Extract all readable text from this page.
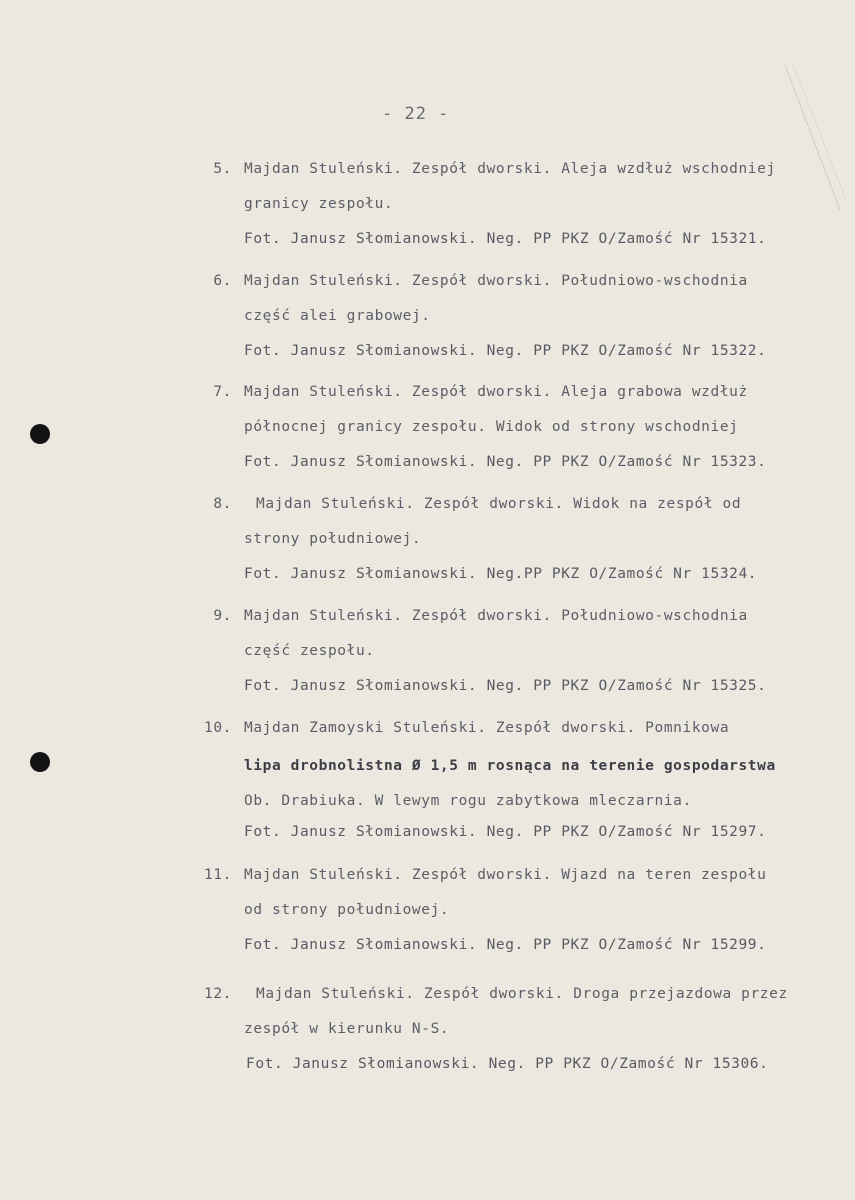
- 22 -
5. Majdan Stuleński. Zespół dworski. Aleja wzdłuż wschodniej
granicy zespołu.
Fot. Janusz Słomianowski. Neg. PP PKZ O/Zamość Nr 15321.
6. Majdan Stuleński. Zespół dworski. Południowo-wschodnia
część alei grabowej.
Fot. Janusz Słomianowski. Neg. PP PKZ O/Zamość Nr 15322.
7. Majdan Stuleński. Zespół dworski. Aleja grabowa wzdłuż
północnej granicy zespołu. Widok od strony wschodniej
Fot. Janusz Słomianowski. Neg. PP PKZ O/Zamość Nr 15323.
8. Majdan Stuleński. Zespół dworski. Widok na zespół od
strony południowej.
Fot. Janusz Słomianowski. Neg.PP PKZ O/Zamość Nr 15324.
9. Majdan Stuleński. Zespół dworski. Południowo-wschodnia
część zespołu.
Fot. Janusz Słomianowski. Neg. PP PKZ O/Zamość Nr 15325.
10. Majdan Zamoyski Stuleński. Zespół dworski. Pomnikowa
lipa drobnolistna Ø 1,5 m rosnąca na terenie gospodarstwa
Ob. Drabiuka. W lewym rogu zabytkowa mleczarnia.
Fot. Janusz Słomianowski. Neg. PP PKZ O/Zamość Nr 15297.
11. Majdan Stuleński. Zespół dworski. Wjazd na teren zespołu
od strony południowej.
Fot. Janusz Słomianowski. Neg. PP PKZ O/Zamość Nr 15299.
12. Majdan Stuleński. Zespół dworski. Droga przejazdowa przez
zespół w kierunku N-S.
Fot. Janusz Słomianowski. Neg. PP PKZ O/Zamość Nr 15306.
